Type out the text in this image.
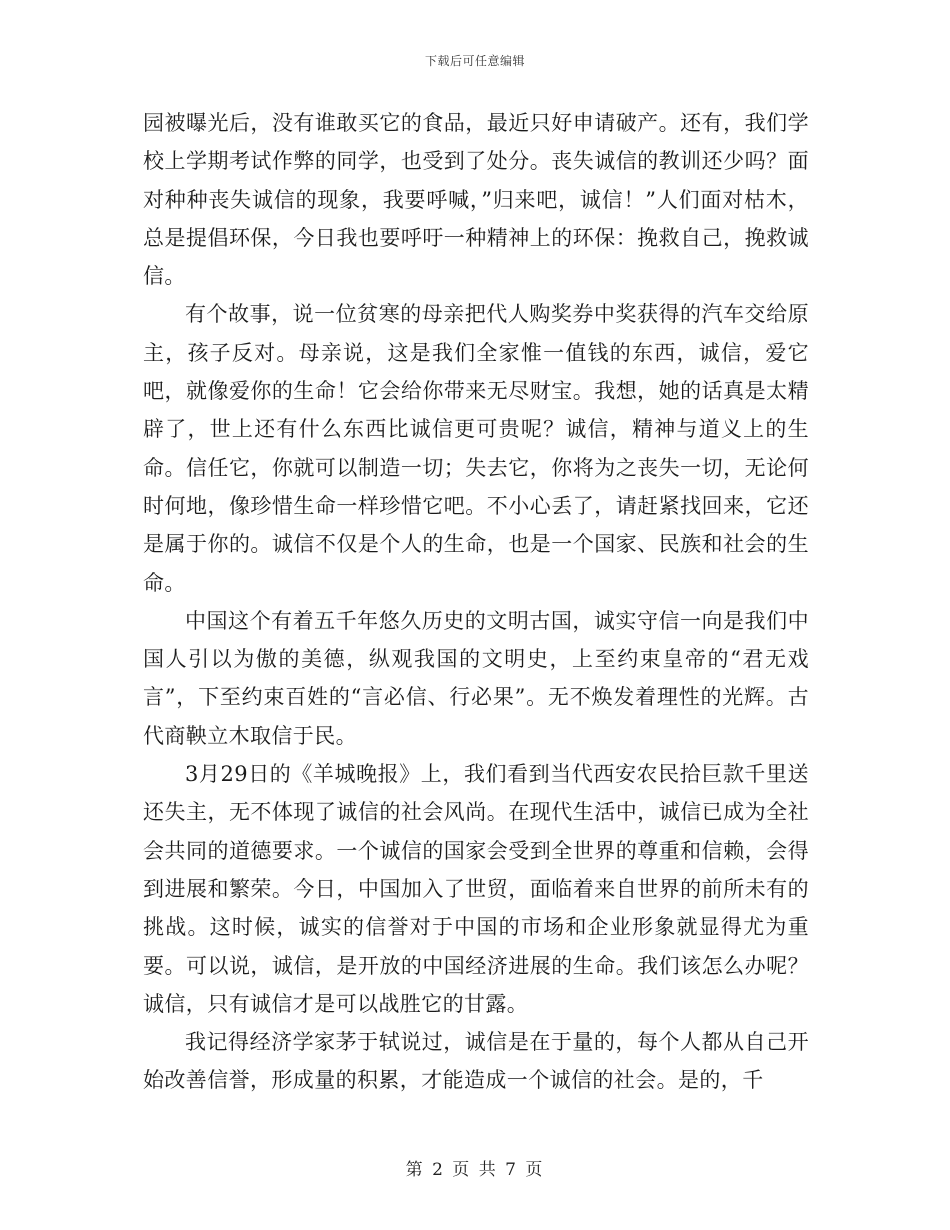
下载后可任意编辑

园被曝光后，没有谁敢买它的食品，最近只好申请破产。还有，我们学校上学期考试作弊的同学，也受到了处分。丧失诚信的教训还少吗？面对种种丧失诚信的现象，我要呼喊，”归来吧，诚信！”人们面对枯木，总是提倡环保，今日我也要呼吁一种精神上的环保：挽救自己，挽救诚信。

有个故事，说一位贫寒的母亲把代人购奖券中奖获得的汽车交给原主，孩子反对。母亲说，这是我们全家惟一值钱的东西，诚信，爱它吧，就像爱你的生命！它会给你带来无尽财宝。我想，她的话真是太精辟了，世上还有什么东西比诚信更可贵呢？诚信，精神与道义上的生命。信任它，你就可以制造一切；失去它，你将为之丧失一切，无论何时何地，像珍惜生命一样珍惜它吧。不小心丢了，请赶紧找回来，它还是属于你的。诚信不仅是个人的生命，也是一个国家、民族和社会的生命。

中国这个有着五千年悠久历史的文明古国，诚实守信一向是我们中国人引以为傲的美德，纵观我国的文明史，上至约束皇帝的“君无戏言”，下至约束百姓的“言必信、行必果”。无不焕发着理性的光辉。古代商鞅立木取信于民。

3月29日的《羊城晚报》上，我们看到当代西安农民拾巨款千里送还失主，无不体现了诚信的社会风尚。在现代生活中，诚信已成为全社会共同的道德要求。一个诚信的国家会受到全世界的尊重和信赖，会得到进展和繁荣。今日，中国加入了世贸，面临着来自世界的前所未有的挑战。这时候，诚实的信誉对于中国的市场和企业形象就显得尤为重要。可以说，诚信，是开放的中国经济进展的生命。我们该怎么办呢？诚信，只有诚信才是可以战胜它的甘露。

我记得经济学家茅于轼说过，诚信是在于量的，每个人都从自己开始改善信誉，形成量的积累，才能造成一个诚信的社会。是的，千

第 2 页 共 7 页
